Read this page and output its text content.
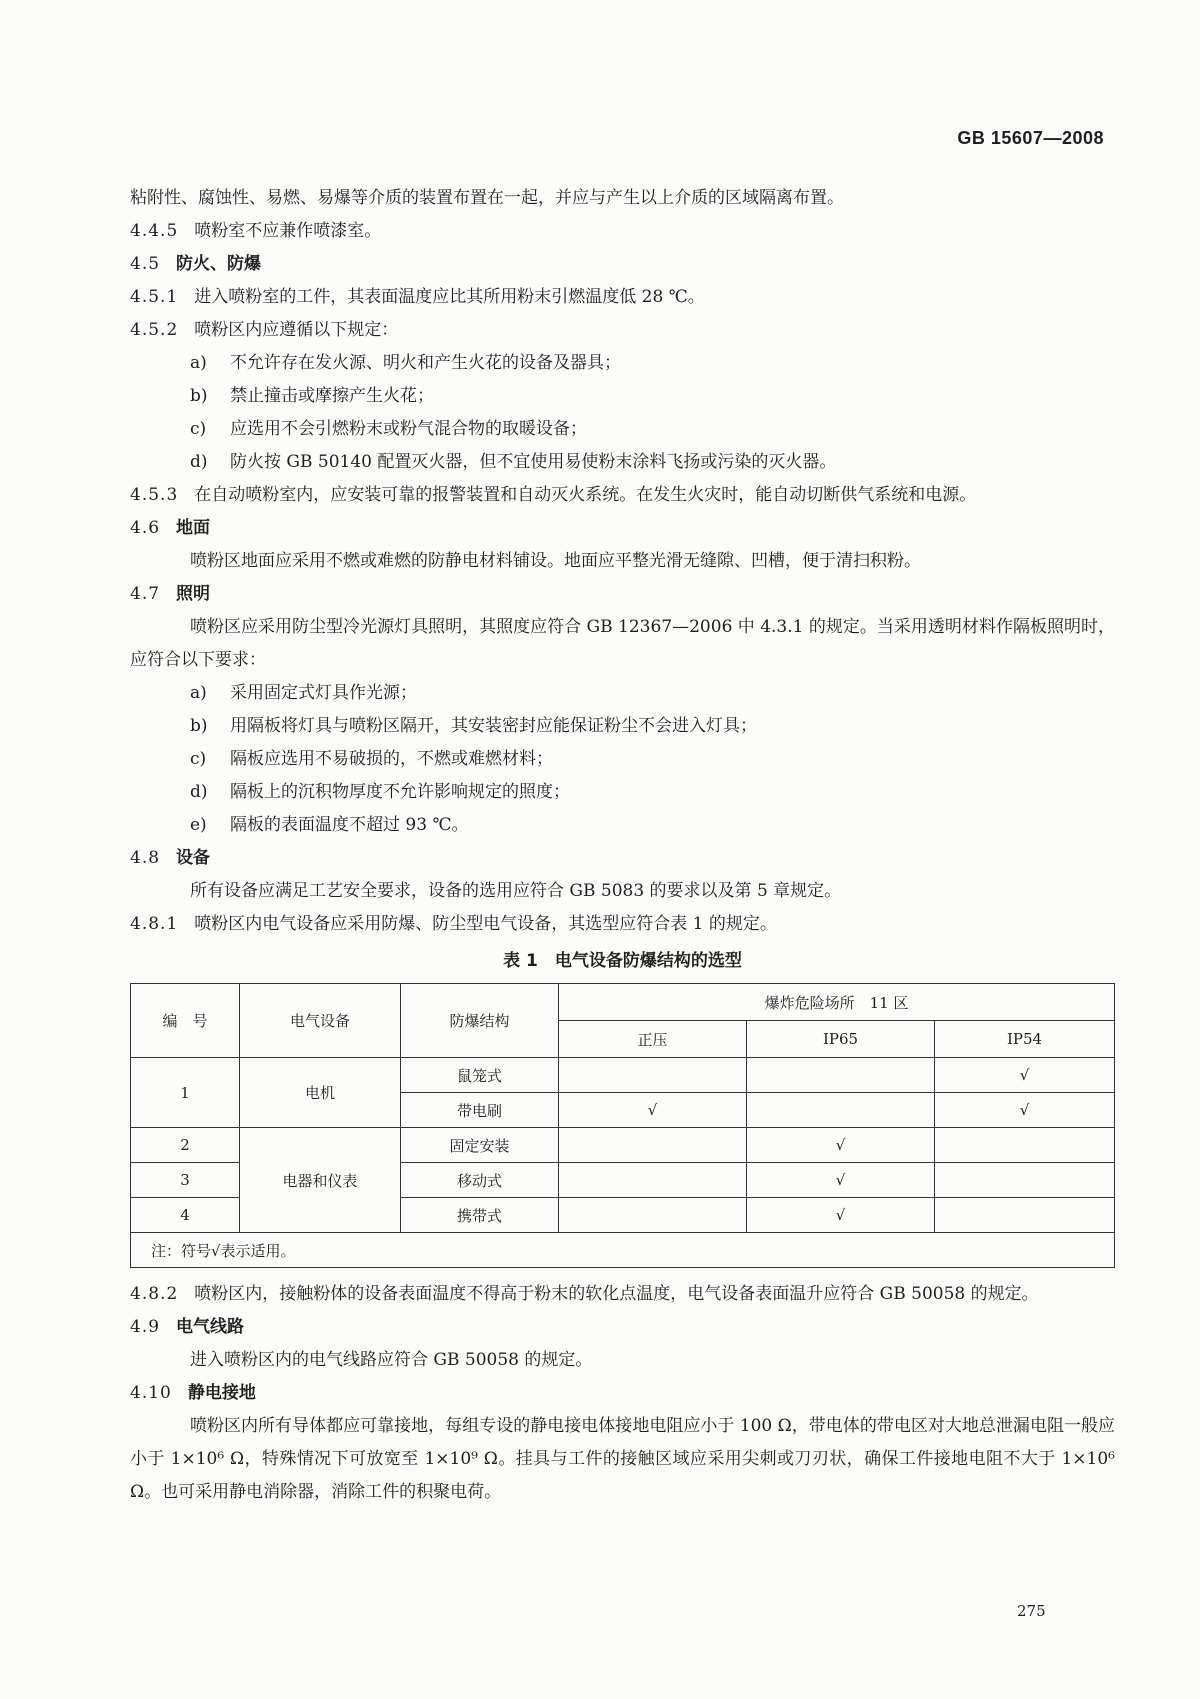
GB 15607—2008
粘附性、腐蚀性、易燃、易爆等介质的装置布置在一起，并应与产生以上介质的区域隔离布置。
4.4.5 喷粉室不应兼作喷漆室。
4.5 防火、防爆
4.5.1 进入喷粉室的工件，其表面温度应比其所用粉末引燃温度低 28 ℃。
4.5.2 喷粉区内应遵循以下规定：
a) 不允许存在发火源、明火和产生火花的设备及器具；
b) 禁止撞击或摩擦产生火花；
c) 应选用不会引燃粉末或粉气混合物的取暖设备；
d) 防火按 GB 50140 配置灭火器，但不宜使用易使粉末涂料飞扬或污染的灭火器。
4.5.3 在自动喷粉室内，应安装可靠的报警装置和自动灭火系统。在发生火灾时，能自动切断供气系统和电源。
4.6 地面
喷粉区地面应采用不燃或难燃的防静电材料铺设。地面应平整光滑无缝隙、凹槽，便于清扫积粉。
4.7 照明
喷粉区应采用防尘型冷光源灯具照明，其照度应符合 GB 12367—2006 中 4.3.1 的规定。当采用透明材料作隔板照明时，应符合以下要求：
a) 采用固定式灯具作光源；
b) 用隔板将灯具与喷粉区隔开，其安装密封应能保证粉尘不会进入灯具；
c) 隔板应选用不易破损的，不燃或难燃材料；
d) 隔板上的沉积物厚度不允许影响规定的照度；
e) 隔板的表面温度不超过 93 ℃。
4.8 设备
所有设备应满足工艺安全要求，设备的选用应符合 GB 5083 的要求以及第 5 章规定。
4.8.1 喷粉区内电气设备应采用防爆、防尘型电气设备，其选型应符合表 1 的规定。
表 1　电气设备防爆结构的选型
编　号	电气设备	防爆结构	爆炸危险场所　11 区		
			正压	IP65	IP54
1	电机	鼠笼式			√
		带电刷	√		√
2	电器和仪表	固定安装		√	
3		移动式		√	
4		携带式		√	
注：符号√表示适用。					
4.8.2 喷粉区内，接触粉体的设备表面温度不得高于粉末的软化点温度，电气设备表面温升应符合 GB 50058 的规定。
4.9 电气线路
进入喷粉区内的电气线路应符合 GB 50058 的规定。
4.10 静电接地
喷粉区内所有导体都应可靠接地，每组专设的静电接电体接地电阻应小于 100 Ω，带电体的带电区对大地总泄漏电阻一般应小于 1×10⁶ Ω，特殊情况下可放宽至 1×10⁹ Ω。挂具与工件的接触区域应采用尖刺或刀刃状，确保工件接地电阻不大于 1×10⁶ Ω。也可采用静电消除器，消除工件的积聚电荷。
275
